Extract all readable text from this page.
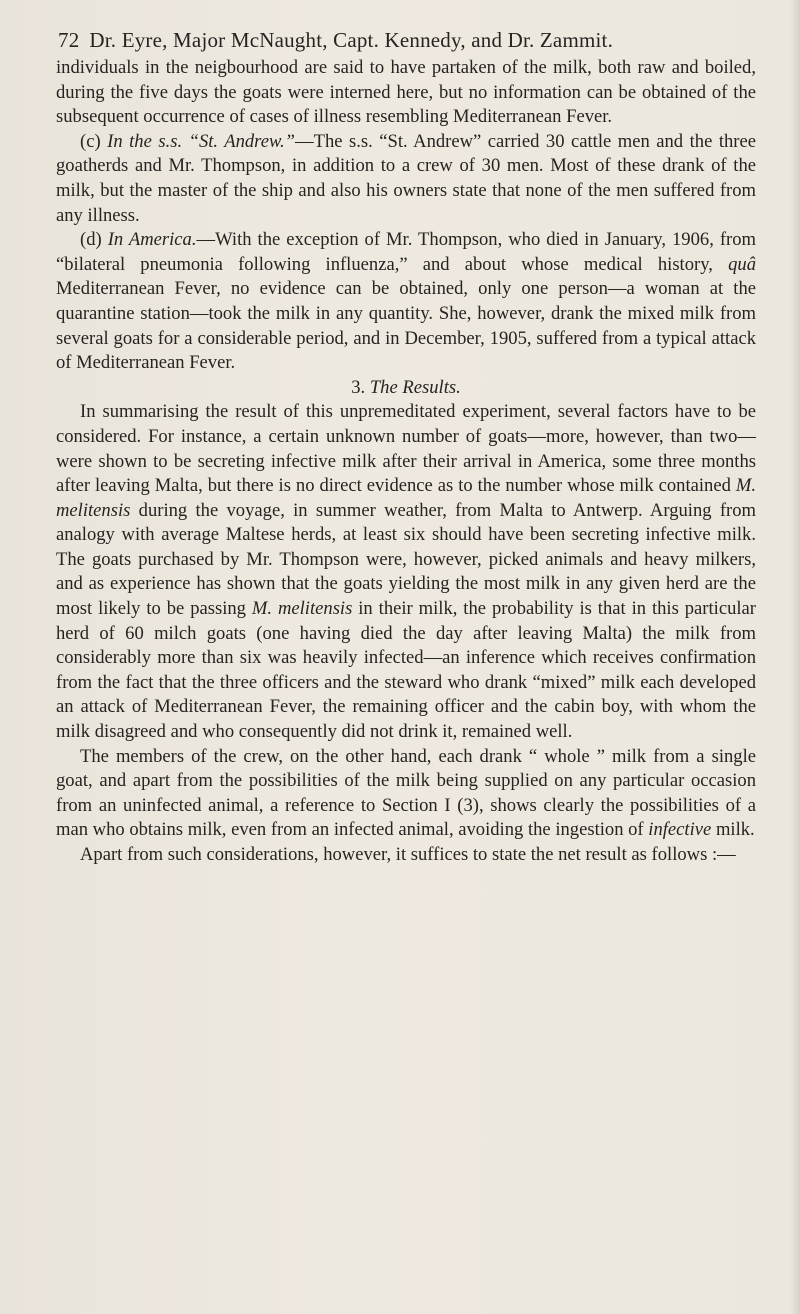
72 Dr. Eyre, Major McNaught, Capt. Kennedy, and Dr. Zammit.

individuals in the neigbourhood are said to have partaken of the milk, both raw and boiled, during the five days the goats were interned here, but no information can be obtained of the subsequent occurrence of cases of illness resembling Mediterranean Fever.

(c) In the s.s. “St. Andrew.”—The s.s. “St. Andrew” carried 30 cattle men and the three goatherds and Mr. Thompson, in addition to a crew of 30 men. Most of these drank of the milk, but the master of the ship and also his owners state that none of the men suffered from any illness.

(d) In America.—With the exception of Mr. Thompson, who died in January, 1906, from “bilateral pneumonia following influenza,” and about whose medical history, quâ Mediterranean Fever, no evidence can be obtained, only one person—a woman at the quarantine station—took the milk in any quantity. She, however, drank the mixed milk from several goats for a considerable period, and in December, 1905, suffered from a typical attack of Mediterranean Fever.

3. The Results.

In summarising the result of this unpremeditated experiment, several factors have to be considered. For instance, a certain unknown number of goats—more, however, than two—were shown to be secreting infective milk after their arrival in America, some three months after leaving Malta, but there is no direct evidence as to the number whose milk contained M. melitensis during the voyage, in summer weather, from Malta to Antwerp. Arguing from analogy with average Maltese herds, at least six should have been secreting infective milk. The goats purchased by Mr. Thompson were, however, picked animals and heavy milkers, and as experience has shown that the goats yielding the most milk in any given herd are the most likely to be passing M. melitensis in their milk, the probability is that in this particular herd of 60 milch goats (one having died the day after leaving Malta) the milk from considerably more than six was heavily infected—an inference which receives confirmation from the fact that the three officers and the steward who drank “mixed” milk each developed an attack of Mediterranean Fever, the remaining officer and the cabin boy, with whom the milk disagreed and who consequently did not drink it, remained well.

The members of the crew, on the other hand, each drank “ whole ” milk from a single goat, and apart from the possibilities of the milk being supplied on any particular occasion from an uninfected animal, a reference to Section I (3), shows clearly the possibilities of a man who obtains milk, even from an infected animal, avoiding the ingestion of infective milk.

Apart from such considerations, however, it suffices to state the net result as follows :—
